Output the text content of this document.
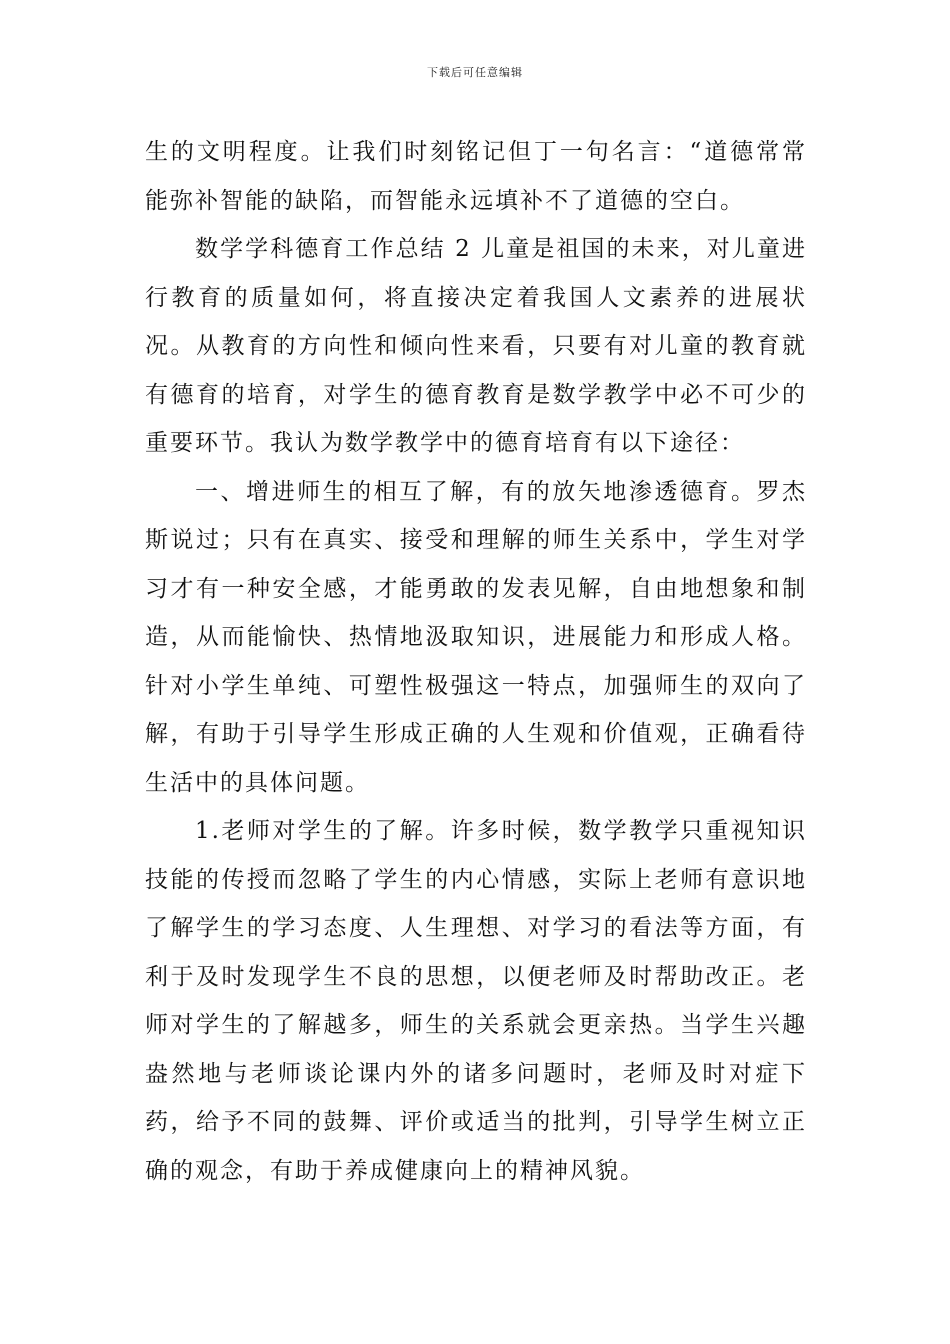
下载后可任意编辑

生的文明程度。让我们时刻铭记但丁一句名言：“道德常常能弥补智能的缺陷，而智能永远填补不了道德的空白。

数学学科德育工作总结 2 儿童是祖国的未来，对儿童进行教育的质量如何，将直接决定着我国人文素养的进展状况。从教育的方向性和倾向性来看，只要有对儿童的教育就有德育的培育，对学生的德育教育是数学教学中必不可少的重要环节。我认为数学教学中的德育培育有以下途径：

一、增进师生的相互了解，有的放矢地渗透德育。罗杰斯说过；只有在真实、接受和理解的师生关系中，学生对学习才有一种安全感，才能勇敢的发表见解，自由地想象和制造，从而能愉快、热情地汲取知识，进展能力和形成人格。针对小学生单纯、可塑性极强这一特点，加强师生的双向了解，有助于引导学生形成正确的人生观和价值观，正确看待生活中的具体问题。

1.老师对学生的了解。许多时候，数学教学只重视知识技能的传授而忽略了学生的内心情感，实际上老师有意识地了解学生的学习态度、人生理想、对学习的看法等方面，有利于及时发现学生不良的思想，以便老师及时帮助改正。老师对学生的了解越多，师生的关系就会更亲热。当学生兴趣盎然地与老师谈论课内外的诸多问题时，老师及时对症下药，给予不同的鼓舞、评价或适当的批判，引导学生树立正确的观念，有助于养成健康向上的精神风貌。
